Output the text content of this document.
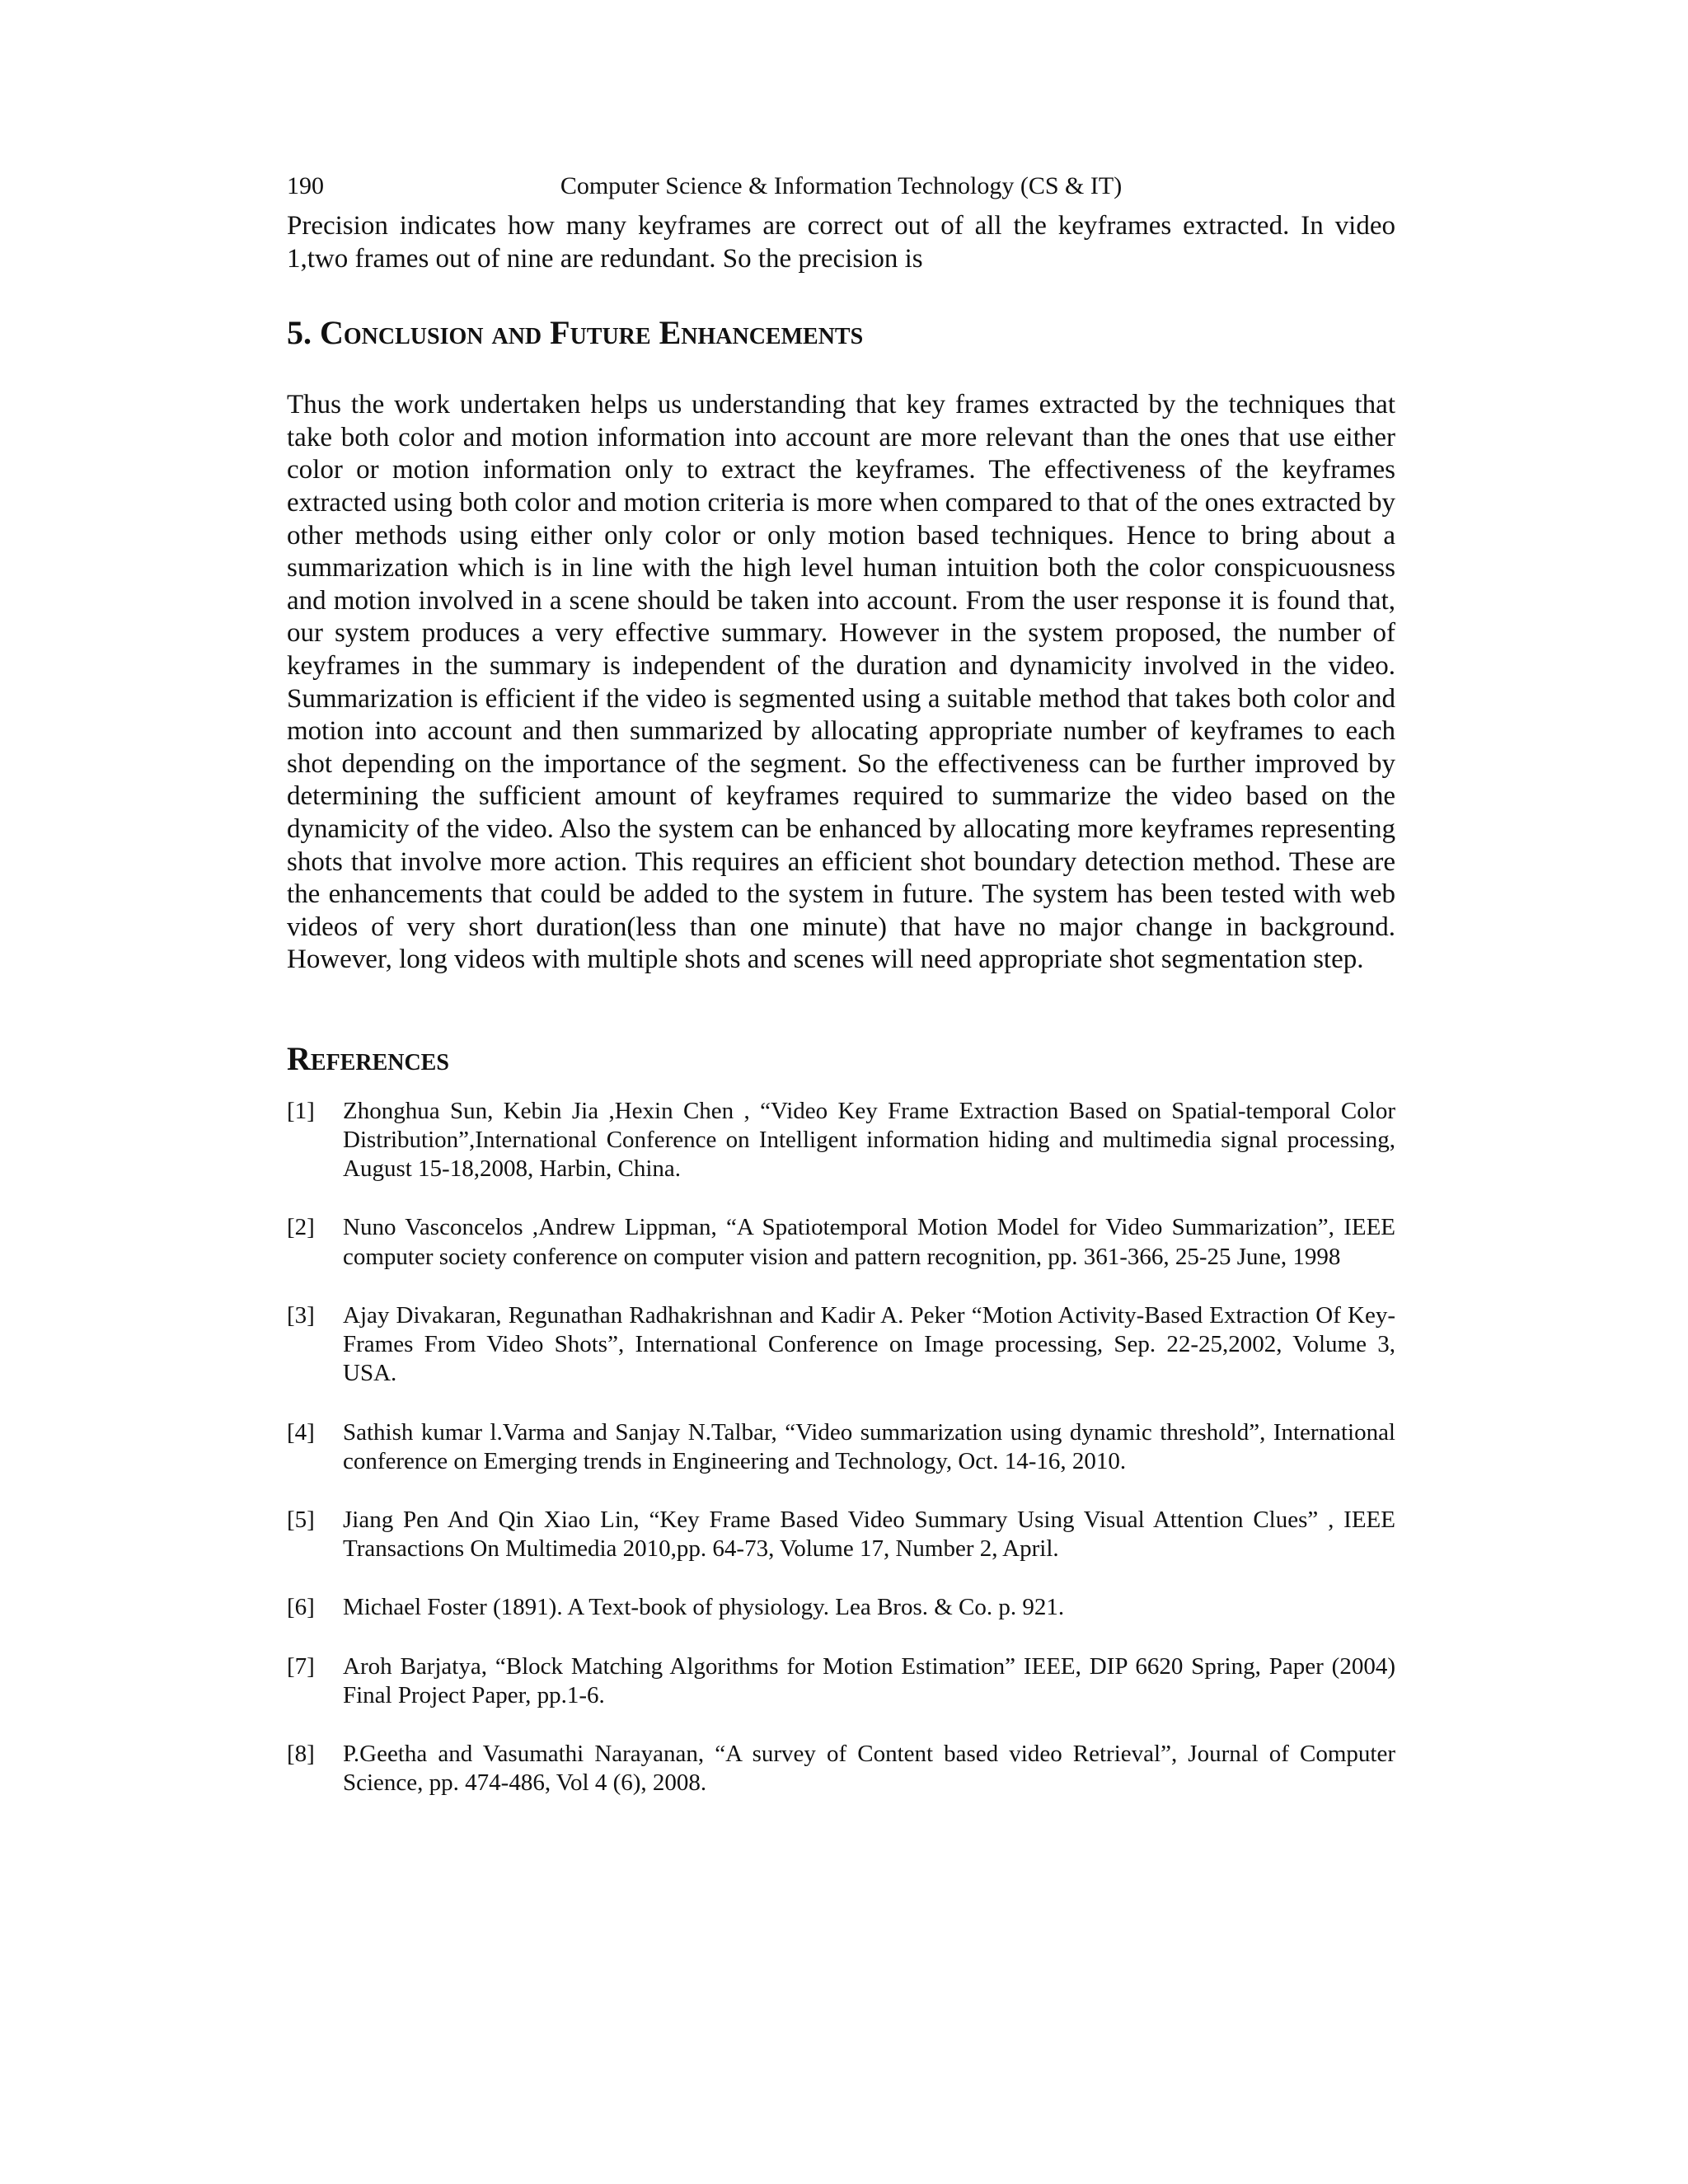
190	Computer Science & Information Technology (CS & IT)

Precision indicates how many keyframes are correct out of all the keyframes extracted. In video 1,two frames out of nine are redundant. So the precision is

5. Conclusion and Future Enhancements

Thus the work undertaken helps us understanding that key frames extracted by the techniques that take both color and motion information into account are more relevant than the ones that use either color or motion information only to extract the keyframes. The effectiveness of the keyframes extracted using both color and motion criteria is more when compared to that of the ones extracted by other methods using either only color or only motion based techniques. Hence to bring about a summarization which is in line with the high level human intuition both the color conspicuousness and motion involved in a scene should be taken into account. From the user response it is found that, our system produces a very effective summary. However in the system proposed, the number of keyframes in the summary is independent of the duration and dynamicity involved in the video. Summarization is efficient if the video is segmented using a suitable method that takes both color and motion into account and then summarized by allocating appropriate number of keyframes to each shot depending on the importance of the segment. So the effectiveness can be further improved by determining the sufficient amount of keyframes required to summarize the video based on the dynamicity of the video. Also the system can be enhanced by allocating more keyframes representing shots that involve more action. This requires an efficient shot boundary detection method. These are the enhancements that could be added to the system in future. The system has been tested with web videos of very short duration(less than one minute) that have no major change in background. However, long videos with multiple shots and scenes will need appropriate shot segmentation step.

References
[1]	Zhonghua Sun, Kebin Jia ,Hexin Chen , “Video Key Frame Extraction Based on Spatial-temporal Color Distribution”,International Conference on Intelligent information hiding and multimedia signal processing, August 15-18,2008, Harbin, China.
[2]	Nuno Vasconcelos ,Andrew Lippman, “A Spatiotemporal Motion Model for Video Summarization”, IEEE computer society conference on computer vision and pattern recognition, pp. 361-366, 25-25 June, 1998
[3]	Ajay Divakaran, Regunathan Radhakrishnan and Kadir A. Peker “Motion Activity-Based Extraction Of Key-Frames From Video Shots”, International Conference on Image processing, Sep. 22-25,2002, Volume 3, USA.
[4]	Sathish kumar l.Varma and Sanjay N.Talbar, “Video summarization using dynamic threshold”, International conference on Emerging trends in Engineering and Technology, Oct. 14-16, 2010.
[5]	Jiang Pen And Qin Xiao Lin, “Key Frame Based Video Summary Using Visual Attention Clues” , IEEE Transactions On Multimedia 2010,pp. 64-73, Volume 17, Number 2, April.
[6]	Michael Foster (1891). A Text-book of physiology. Lea Bros. & Co. p. 921.
[7]	Aroh Barjatya, “Block Matching Algorithms for Motion Estimation” IEEE, DIP 6620 Spring, Paper (2004) Final Project Paper, pp.1-6.
[8]	P.Geetha and Vasumathi Narayanan, “A survey of Content based video Retrieval”, Journal of Computer Science, pp. 474-486, Vol 4 (6), 2008.
